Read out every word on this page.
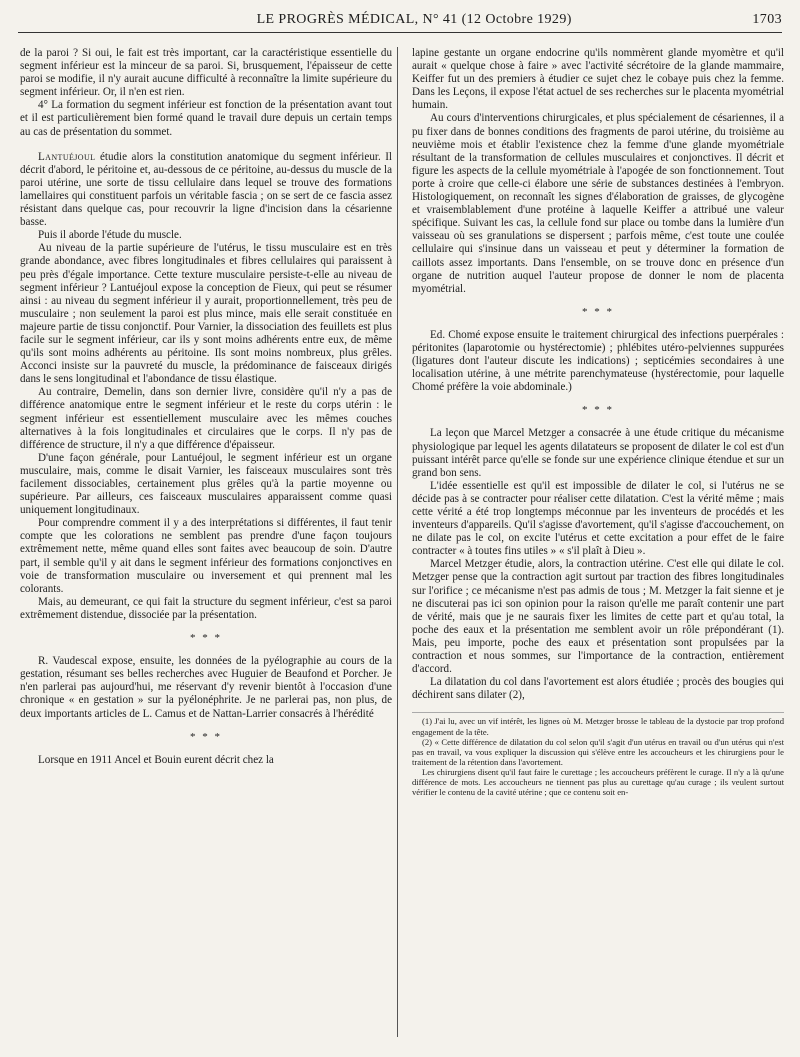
LE PROGRÈS MÉDICAL, N° 41 (12 Octobre 1929)	1703

de la paroi ? Si oui, le fait est très important, car la caractéristique essentielle du segment inférieur est la minceur de sa paroi. Si, brusquement, l'épaisseur de cette paroi se modifie, il n'y aurait aucune difficulté à reconnaître la limite supérieure du segment inférieur. Or, il n'en est rien.

4° La formation du segment inférieur est fonction de la présentation avant tout et il est particulièrement bien formé quand le travail dure depuis un certain temps au cas de présentation du sommet.

Lantuéjoul étudie alors la constitution anatomique du segment inférieur. Il décrit d'abord, le péritoine et, au-dessous de ce péritoine, au-dessus du muscle de la paroi utérine, une sorte de tissu cellulaire dans lequel se trouve des formations lamellaires qui constituent parfois un véritable fascia ; on se sert de ce fascia assez résistant dans quelque cas, pour recouvrir la ligne d'incision dans la césarienne basse.

Puis il aborde l'étude du muscle.

Au niveau de la partie supérieure de l'utérus, le tissu musculaire est en très grande abondance, avec fibres longitudinales et fibres cellulaires qui paraissent à peu près d'égale importance. Cette texture musculaire persiste-t-elle au niveau de segment inférieur ? Lantuéjoul expose la conception de Fieux, qui peut se résumer ainsi : au niveau du segment inférieur il y aurait, proportionnellement, très peu de musculaire ; non seulement la paroi est plus mince, mais elle serait constituée en majeure partie de tissu conjonctif. Pour Varnier, la dissociation des feuillets est plus facile sur le segment inférieur, car ils y sont moins adhérents entre eux, de même qu'ils sont moins adhérents au péritoine. Ils sont moins nombreux, plus grêles. Acconci insiste sur la pauvreté du muscle, la prédominance de faisceaux dirigés dans le sens longitudinal et l'abondance de tissu élastique.

Au contraire, Demelin, dans son dernier livre, considère qu'il n'y a pas de différence anatomique entre le segment inférieur et le reste du corps utérin : le segment inférieur est essentiellement musculaire avec les mêmes couches alternatives à la fois longitudinales et circulaires que le corps. Il n'y pas de différence de structure, il n'y a que différence d'épaisseur.

D'une façon générale, pour Lantuéjoul, le segment inférieur est un organe musculaire, mais, comme le disait Varnier, les faisceaux musculaires sont très facilement dissociables, certainement plus grêles qu'à la partie moyenne ou supérieure. Par ailleurs, ces faisceaux musculaires apparaissent comme quasi uniquement longitudinaux.

Pour comprendre comment il y a des interprétations si différentes, il faut tenir compte que les colorations ne semblent pas prendre d'une façon toujours extrêmement nette, même quand elles sont faites avec beaucoup de soin. D'autre part, il semble qu'il y ait dans le segment inférieur des formations conjonctives en voie de transformation musculaire ou inversement et qui prennent mal les colorants.

Mais, au demeurant, ce qui fait la structure du segment inférieur, c'est sa paroi extrêmement distendue, dissociée par la présentation.

* * *

R. Vaudescal expose, ensuite, les données de la pyélographie au cours de la gestation, résumant ses belles recherches avec Huguier de Beaufond et Porcher. Je n'en parlerai pas aujourd'hui, me réservant d'y revenir bientôt à l'occasion d'une chronique « en gestation » sur la pyélonéphrite. Je ne parlerai pas, non plus, de deux importants articles de L. Camus et de Nattan-Larrier consacrés à l'hérédité

* * *

Lorsque en 1911 Ancel et Bouin eurent décrit chez la

lapine gestante un organe endocrine qu'ils nommèrent glande myomètre et qu'il aurait « quelque chose à faire » avec l'activité sécrétoire de la glande mammaire, Keiffer fut un des premiers à étudier ce sujet chez le cobaye puis chez la femme. Dans les Leçons, il expose l'état actuel de ses recherches sur le placenta myométrial humain.

Au cours d'interventions chirurgicales, et plus spécialement de césariennes, il a pu fixer dans de bonnes conditions des fragments de paroi utérine, du troisième au neuvième mois et établir l'existence chez la femme d'une glande myométriale résultant de la transformation de cellules musculaires et conjonctives. Il décrit et figure les aspects de la cellule myométriale à l'apogée de son fonctionnement. Tout porte à croire que celle-ci élabore une série de substances destinées à l'embryon. Histologiquement, on reconnaît les signes d'élaboration de graisses, de glycogène et vraisemblablement d'une protéine à laquelle Keiffer a attribué une valeur spécifique. Suivant les cas, la cellule fond sur place ou tombe dans la lumière d'un vaisseau où ses granulations se dispersent ; parfois même, c'est toute une coulée cellulaire qui s'insinue dans un vaisseau et peut y déterminer la formation de caillots assez importants. Dans l'ensemble, on se trouve donc en présence d'un organe de nutrition auquel l'auteur propose de donner le nom de placenta myométrial.

* * *

Ed. Chomé expose ensuite le traitement chirurgical des infections puerpérales : péritonites (laparotomie ou hystérectomie) ; phlébites utéro-pelviennes suppurées (ligatures dont l'auteur discute les indications) ; septicémies secondaires à une localisation utérine, à une métrite parenchymateuse (hystérectomie, pour laquelle Chomé préfère la voie abdominale.)

* * *

La leçon que Marcel Metzger a consacrée à une étude critique du mécanisme physiologique par lequel les agents dilatateurs se proposent de dilater le col est d'un puissant intérêt parce qu'elle se fonde sur une expérience clinique étendue et sur un grand bon sens.

L'idée essentielle est qu'il est impossible de dilater le col, si l'utérus ne se décide pas à se contracter pour réaliser cette dilatation. C'est la vérité même ; mais cette vérité a été trop longtemps méconnue par les inventeurs de procédés et les inventeurs d'appareils. Qu'il s'agisse d'avortement, qu'il s'agisse d'accouchement, on ne dilate pas le col, on excite l'utérus et cette excitation a pour effet de le faire contracter « à toutes fins utiles » « s'il plaît à Dieu ».

Marcel Metzger étudie, alors, la contraction utérine. C'est elle qui dilate le col. Metzger pense que la contraction agit surtout par traction des fibres longitudinales sur l'orifice ; ce mécanisme n'est pas admis de tous ; M. Metzger la fait sienne et je ne discuterai pas ici son opinion pour la raison qu'elle me paraît contenir une part de vérité, mais que je ne saurais fixer les limites de cette part et qu'au total, la poche des eaux et la présentation me semblent avoir un rôle prépondérant (1). Mais, peu importe, poche des eaux et présentation sont propulsées par la contraction et nous sommes, sur l'importance de la contraction, entièrement d'accord.

La dilatation du col dans l'avortement est alors étudiée ; procès des bougies qui déchirent sans dilater (2),

(1) J'ai lu, avec un vif intérêt, les lignes où M. Metzger brosse le tableau de la dystocie par trop profond engagement de la tête.

(2) « Cette différence de dilatation du col selon qu'il s'agit d'un utérus en travail ou d'un utérus qui n'est pas en travail, va vous expliquer la discussion qui s'élève entre les accoucheurs et les chirurgiens pour le traitement de la rétention dans l'avortement.

Les chirurgiens disent qu'il faut faire le curettage ; les accoucheurs préfèrent le curage. Il n'y a là qu'une différence de mots. Les accoucheurs ne tiennent pas plus au curettage qu'au curage ; ils veulent surtout vérifier le contenu de la cavité utérine ; que ce contenu soit en-
